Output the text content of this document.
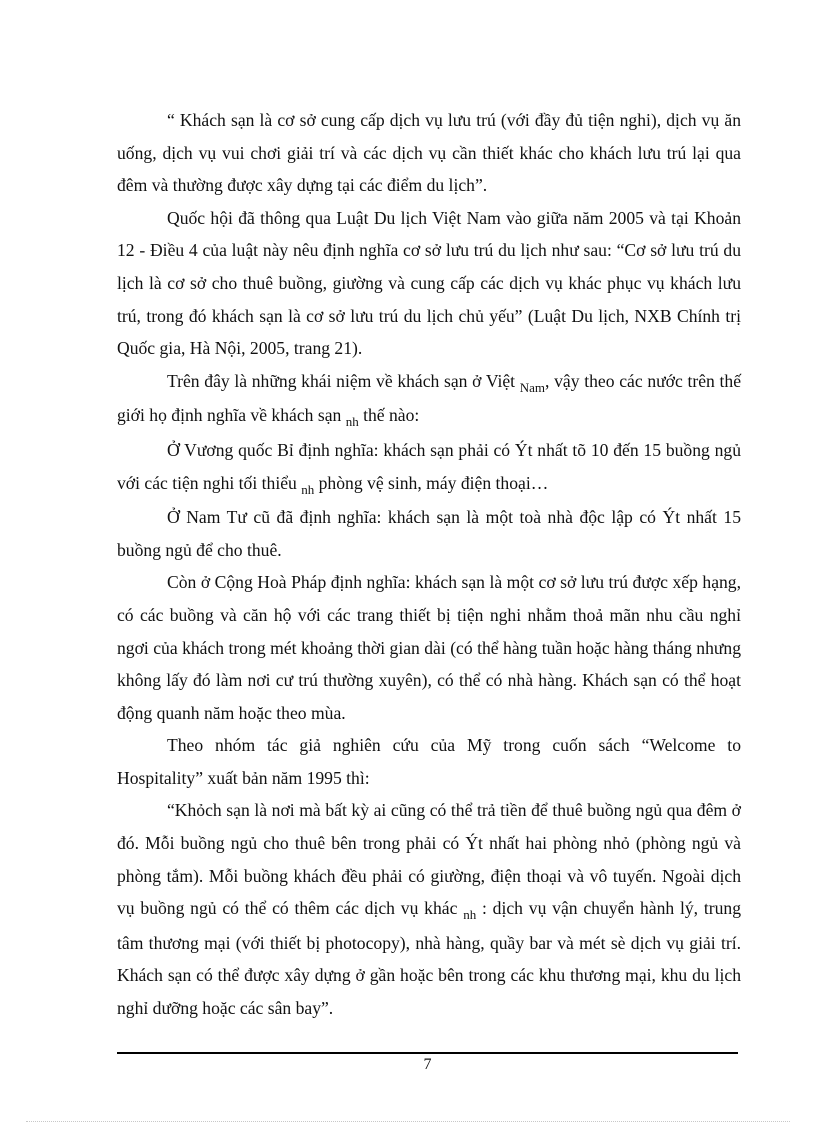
“ Khách sạn là cơ sở cung cấp dịch vụ lưu trú (với đầy đủ tiện nghi), dịch vụ ăn uống, dịch vụ vui chơi giải trí và các dịch vụ cần thiết khác cho khách lưu trú lại qua đêm và thường được xây dựng tại các điểm du lịch”.

Quốc hội đã thông qua Luật Du lịch Việt Nam vào giữa năm 2005 và tại Khoản 12 - Điều 4 của luật này nêu định nghĩa cơ sở lưu trú du lịch như sau: “Cơ sở lưu trú du lịch là cơ sở cho thuê buồng, giường và cung cấp các dịch vụ khác phục vụ khách lưu trú, trong đó khách sạn là cơ sở lưu trú du lịch chủ yếu” (Luật Du lịch, NXB Chính trị Quốc gia, Hà Nội, 2005, trang 21).

Trên đây là những khái niệm về khách sạn ở Việt $_{Nam}$, vậy theo các nước trên thế giới họ định nghĩa về khách sạn $_{nh}$ thế nào:

Ở Vương quốc Bỉ định nghĩa: khách sạn phải có Ýt nhất tõ 10 đến 15 buồng ngủ với các tiện nghi tối thiểu $_{nh}$ phòng vệ sinh, máy điện thoại…

Ở Nam Tư cũ đã định nghĩa: khách sạn là một toà nhà độc lập có Ýt nhất 15 buồng ngủ để cho thuê.

Còn ở Cộng Hoà Pháp định nghĩa: khách sạn là một cơ sở lưu trú được xếp hạng, có các buồng và căn hộ với các trang thiết bị tiện nghi nhằm thoả mãn nhu cầu nghỉ ngơi của khách trong mét khoảng thời gian dài (có thể hàng tuần hoặc hàng tháng nhưng không lấy đó làm nơi cư trú thường xuyên), có thể có nhà hàng. Khách sạn có thể hoạt động quanh năm hoặc theo mùa.

Theo nhóm tác giả nghiên cứu của Mỹ trong cuốn sách “Welcome to Hospitality” xuất bản năm 1995 thì:

“Khỏch sạn là nơi mà bất kỳ ai cũng có thể trả tiền để thuê buồng ngủ qua đêm ở đó. Mỗi buồng ngủ cho thuê bên trong phải có Ýt nhất hai phòng nhỏ (phòng ngủ và phòng tắm). Mỗi buồng khách đều phải có giường, điện thoại và vô tuyến. Ngoài dịch vụ buồng ngủ có thể có thêm các dịch vụ khác $_{nh}$ : dịch vụ vận chuyển hành lý, trung tâm thương mại (với thiết bị photocopy), nhà hàng, quầy bar và mét sè dịch vụ giải trí. Khách sạn có thể được xây dựng ở gần hoặc bên trong các khu thương mại, khu du lịch nghỉ dưỡng hoặc các sân bay”.

7
